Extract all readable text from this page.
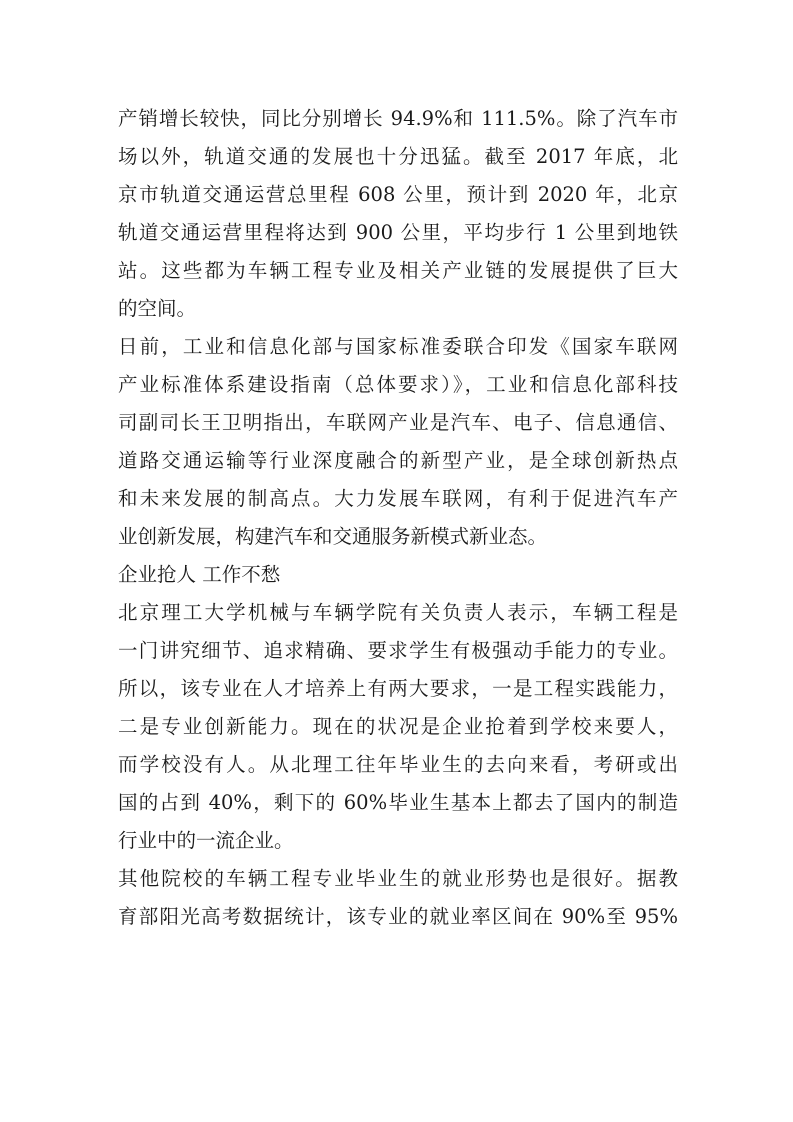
产销增长较快，同比分别增长 94.9%和 111.5%。除了汽车市
场以外，轨道交通的发展也十分迅猛。截至 2017 年底，北
京市轨道交通运营总里程 608 公里，预计到 2020 年，北京
轨道交通运营里程将达到 900 公里，平均步行 1 公里到地铁
站。这些都为车辆工程专业及相关产业链的发展提供了巨大
的空间。
日前，工业和信息化部与国家标准委联合印发《国家车联网
产业标准体系建设指南（总体要求）》，工业和信息化部科技
司副司长王卫明指出，车联网产业是汽车、电子、信息通信、
道路交通运输等行业深度融合的新型产业，是全球创新热点
和未来发展的制高点。大力发展车联网，有利于促进汽车产
业创新发展，构建汽车和交通服务新模式新业态。
企业抢人 工作不愁
北京理工大学机械与车辆学院有关负责人表示，车辆工程是
一门讲究细节、追求精确、要求学生有极强动手能力的专业。
所以，该专业在人才培养上有两大要求，一是工程实践能力，
二是专业创新能力。现在的状况是企业抢着到学校来要人，
而学校没有人。从北理工往年毕业生的去向来看，考研或出
国的占到 40%，剩下的 60%毕业生基本上都去了国内的制造
行业中的一流企业。
其他院校的车辆工程专业毕业生的就业形势也是很好。据教
育部阳光高考数据统计，该专业的就业率区间在 90%至 95%
